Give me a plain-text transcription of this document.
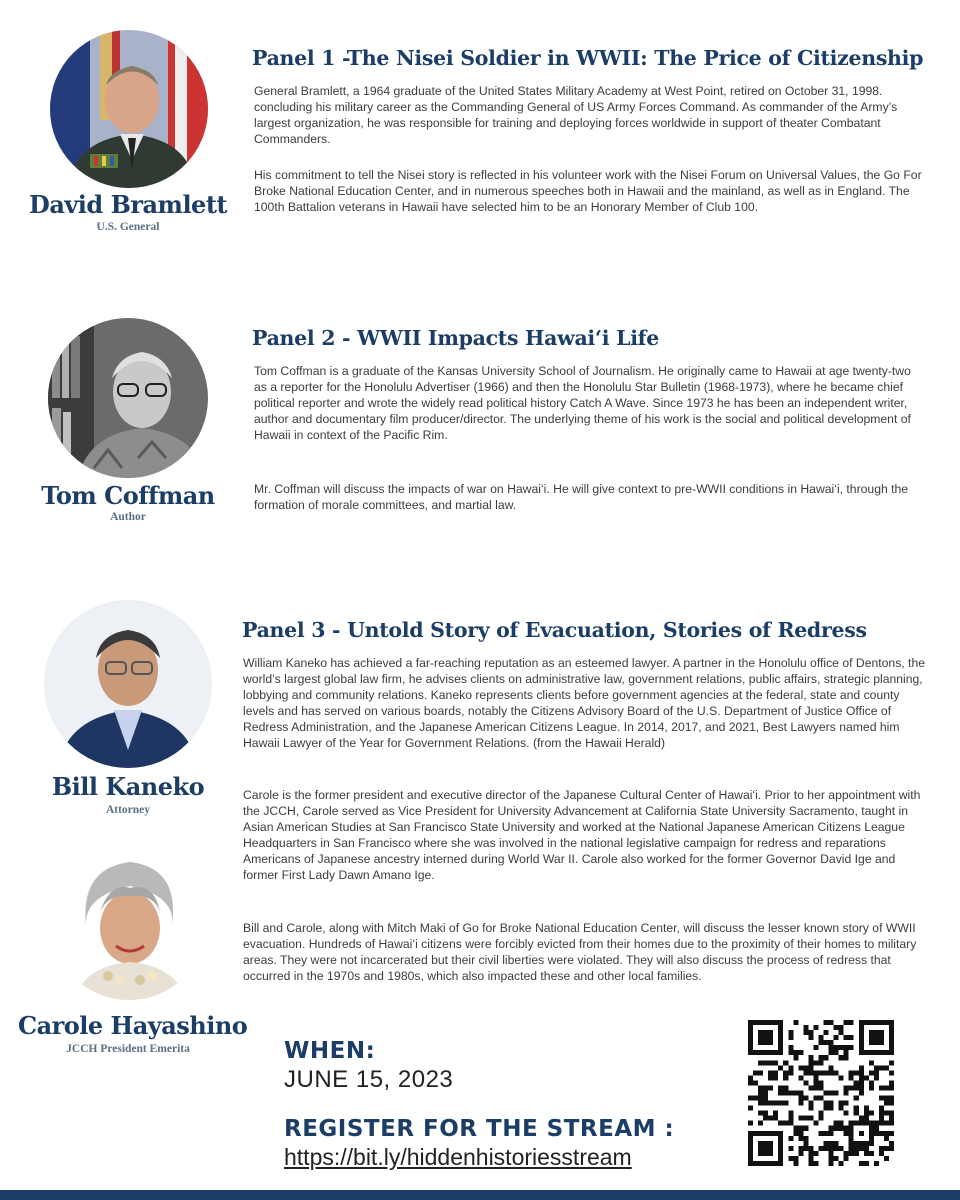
David Bramlett
U.S. General
Tom Coffman
Author
Bill Kaneko
Attorney
Carole Hayashino
JCCH President Emerita
Panel 1 -The Nisei Soldier in WWII: The Price of Citizenship

General Bramlett, a 1964 graduate of the United States Military Academy at West Point, retired on October 31, 1998. concluding his military career as the Commanding General of US Army Forces Command. As commander of the Army’s largest organization, he was responsible for training and deploying forces worldwide in support of theater Combatant Commanders.

His commitment to tell the Nisei story is reflected in his volunteer work with the Nisei Forum on Universal Values, the Go For Broke National Education Center, and in numerous speeches both in Hawaii and the mainland, as well as in England. The 100th Battalion veterans in Hawaii have selected him to be an Honorary Member of Club 100.

Panel 2 - WWII Impacts Hawai‘i Life

Tom Coffman is a graduate of the Kansas University School of Journalism. He originally came to Hawaii at age twenty-two as a reporter for the Honolulu Advertiser (1966) and then the Honolulu Star Bulletin (1968-1973), where he became chief political reporter and wrote the widely read political history Catch A Wave. Since 1973 he has been an independent writer, author and documentary film producer/director. The underlying theme of his work is the social and political development of Hawaii in context of the Pacific Rim.

Mr. Coffman will discuss the impacts of war on Hawai‘i. He will give context to pre-WWII conditions in Hawai‘i, through the formation of morale committees, and martial law.

Panel 3 - Untold Story of Evacuation, Stories of Redress

William Kaneko has achieved a far-reaching reputation as an esteemed lawyer. A partner in the Honolulu office of Dentons, the world’s largest global law firm, he advises clients on administrative law, government relations, public affairs, strategic planning, lobbying and community relations. Kaneko represents clients before government agencies at the federal, state and county levels and has served on various boards, notably the Citizens Advisory Board of the U.S. Department of Justice Office of Redress Administration, and the Japanese American Citizens League. In 2014, 2017, and 2021, Best Lawyers named him Hawaii Lawyer of the Year for Government Relations. (from the Hawaii Herald)

Carole is the former president and executive director of the Japanese Cultural Center of Hawai‘i. Prior to her appointment with the JCCH, Carole served as Vice President for University Advancement at California State University Sacramento, taught in Asian American Studies at San Francisco State University and worked at the National Japanese American Citizens League Headquarters in San Francisco where she was involved in the national legislative campaign for redress and reparations Americans of Japanese ancestry interned during World War II. Carole also worked for the former Governor David Ige and former First Lady Dawn Amano Ige.

Bill and Carole, along with Mitch Maki of Go for Broke National Education Center, will discuss the lesser known story of WWII evacuation. Hundreds of Hawai‘i citizens were forcibly evicted from their homes due to the proximity of their homes to military areas. They were not incarcerated but their civil liberties were violated. They will also discuss the process of redress that occurred in the 1970s and 1980s, which also impacted these and other local families.

WHEN:
JUNE 15, 2023
REGISTER FOR THE STREAM :
https://bit.ly/hiddenhistoriesstream
